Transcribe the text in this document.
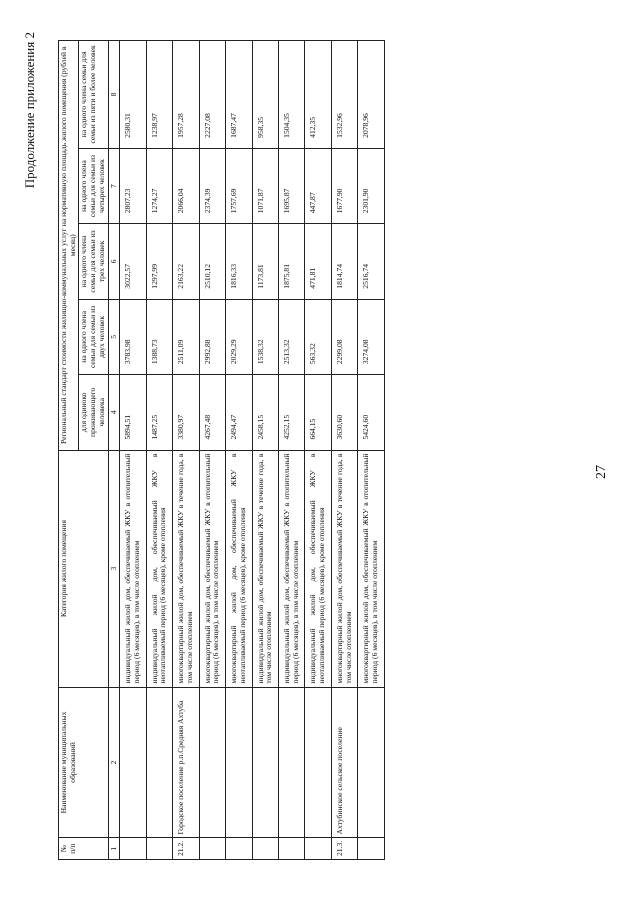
27
Продолжение приложения 2
№ п/п	Наименование муниципальных образований	Категория жилого помещения	Региональный стандарт стоимости жилищно-коммунальных услуг на нормативную площадь жилого помещения (рублей в месяц)				
			для одиноко проживающего человека	на одного члена семьи для семьи из двух человек	на одного члена семьи для семьи из трех человек	на одного члена семьи для семьи из четырех человек	на одного члена семьи для семьи из пяти и более человек
1	2	3	4	5	6	7	8
		индивидуальный жилой дом, обеспечиваемый ЖКУ в отопительный период (6 месяцев), в том числе отоплением	5894,51	3783,98	3022,57	2807,23	2580,31
		индивидуальный жилой дом, обеспечиваемый ЖКУ в неотапливаемый период (6 месяцев), кроме отопления	1487,25	1388,73	1297,99	1274,27	1238,97
21.2.	Городское поселение р.п.Средняя Ахтуба	многоквартирный жилой дом, обеспечиваемый ЖКУ в течение года, в том числе отоплением	3380,97	2511,09	2163,22	2066,04	1957,28
		многоквартирный жилой дом, обеспечиваемый ЖКУ в отопительный период (6 месяцев), в том числе отоплением	4267,48	2992,88	2510,12	2374,39	2227,08
		многоквартирный жилой дом, обеспечиваемый ЖКУ в неотапливаемый период (6 месяцев), кроме отопления	2494,47	2029,29	1816,33	1757,69	1687,47
		индивидуальный жилой дом, обеспечиваемый ЖКУ в течение года, в том числе отоплением	2458,15	1538,32	1173,81	1071,87	958,35
		индивидуальный жилой дом, обеспечиваемый ЖКУ в отопительный период (6 месяцев), в том числе отоплением	4252,15	2513,32	1875,81	1695,87	1504,35
		индивидуальный жилой дом, обеспечиваемый ЖКУ в неотапливаемый период (6 месяцев), кроме отопления	664,15	563,32	471,81	447,87	412,35
21.3.	Ахтубинское сельское поселение	многоквартирный жилой дом, обеспечиваемый ЖКУ в течение года, в том числе отоплением	3630,60	2299,08	1814,74	1677,90	1532,96
		многоквартирный жилой дом, обеспечиваемый ЖКУ в отопительный период (6 месяцев), в том числе отоплением	5424,60	3274,08	2516,74	2301,90	2078,96
